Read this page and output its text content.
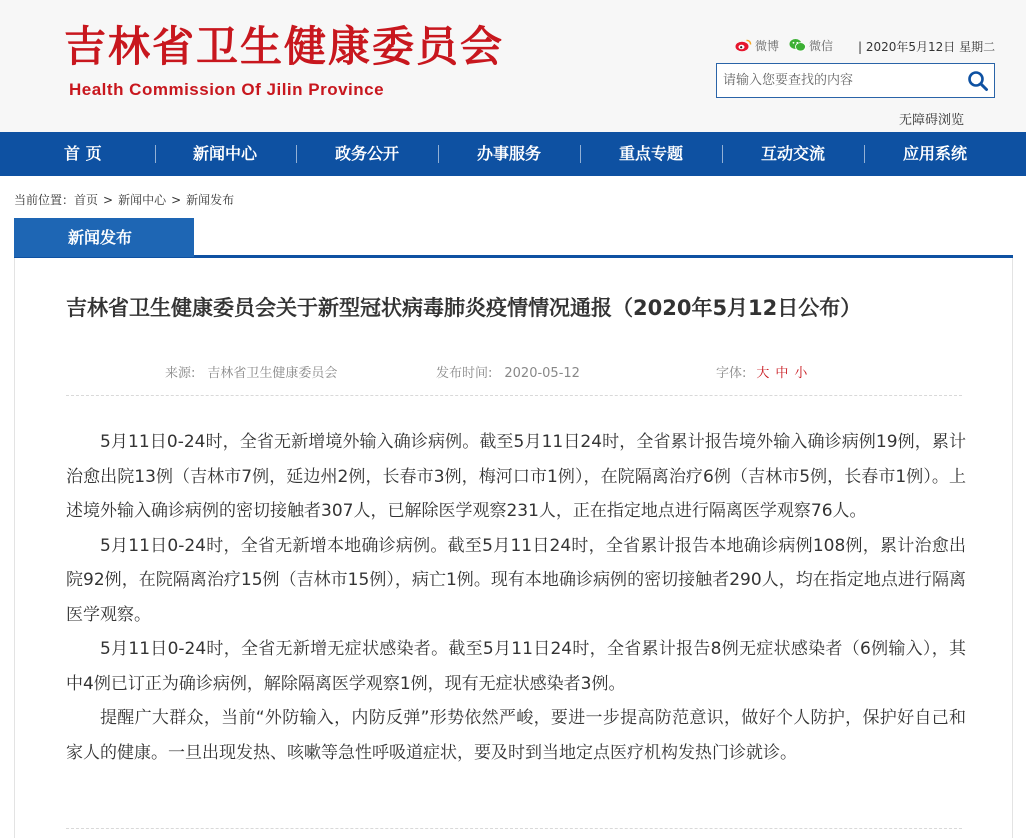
吉林省卫生健康委员会
Health Commission Of Jilin Province
微博 微信 | 2020年5月12日 星期二
请输入您要查找的内容
无障碍浏览
首 页	新闻中心	政务公开	办事服务	重点专题	互动交流	应用系统
当前位置： 首页 > 新闻中心 > 新闻发布
新闻发布
吉林省卫生健康委员会关于新型冠状病毒肺炎疫情情况通报（2020年5月12日公布）
来源: 吉林省卫生健康委员会	发布时间: 2020-05-12	字体: 大 中 小

5月11日0-24时，全省无新增境外输入确诊病例。截至5月11日24时，全省累计报告境外输入确诊病例19例，累计治愈出院13例（吉林市7例，延边州2例，长春市3例，梅河口市1例），在院隔离治疗6例（吉林市5例，长春市1例）。上述境外输入确诊病例的密切接触者307人，已解除医学观察231人，正在指定地点进行隔离医学观察76人。

5月11日0-24时，全省无新增本地确诊病例。截至5月11日24时，全省累计报告本地确诊病例108例，累计治愈出院92例，在院隔离治疗15例（吉林市15例），病亡1例。现有本地确诊病例的密切接触者290人，均在指定地点进行隔离医学观察。

5月11日0-24时，全省无新增无症状感染者。截至5月11日24时，全省累计报告8例无症状感染者（6例输入），其中4例已订正为确诊病例，解除隔离医学观察1例，现有无症状感染者3例。

提醒广大群众，当前“外防输入，内防反弹”形势依然严峻，要进一步提高防范意识，做好个人防护，保护好自己和家人的健康。一旦出现发热、咳嗽等急性呼吸道症状，要及时到当地定点医疗机构发热门诊就诊。
